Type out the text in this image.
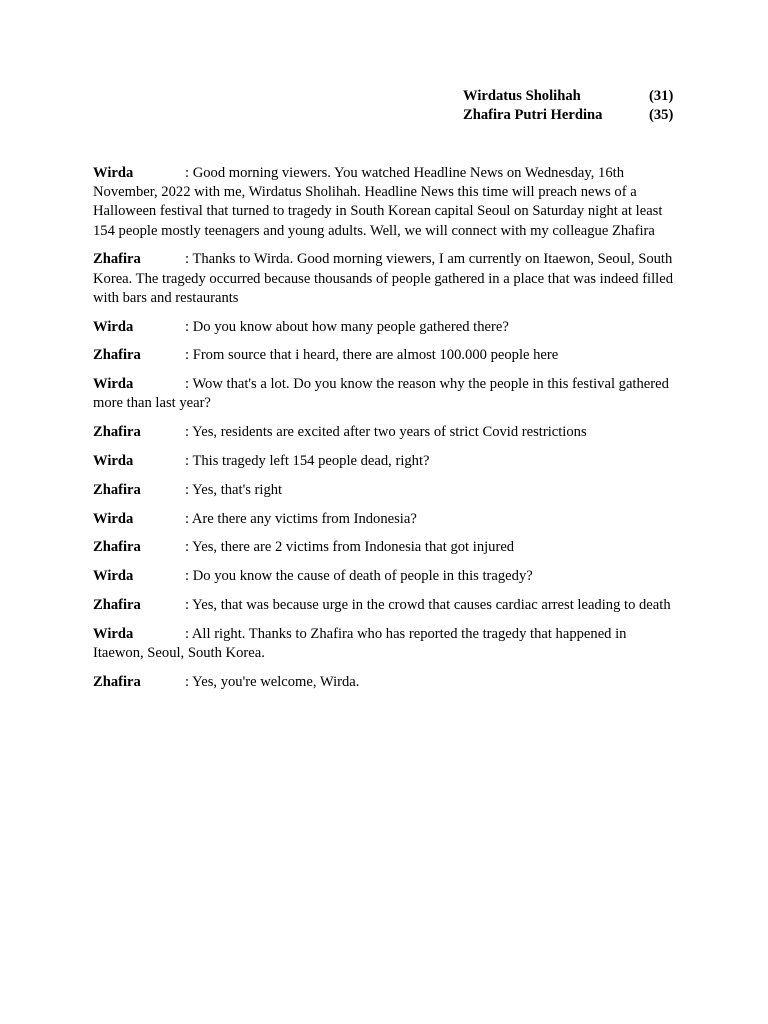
Wirdatus Sholihah	(31)
Zhafira Putri Herdina	(35)

Wirda	: Good morning viewers. You watched Headline News on Wednesday, 16th November, 2022 with me, Wirdatus Sholihah. Headline News this time will preach news of a Halloween festival that turned to tragedy in South Korean capital Seoul on Saturday night at least 154 people mostly teenagers and young adults. Well, we will connect with my colleague Zhafira

Zhafira	: Thanks to Wirda. Good morning viewers, I am currently on Itaewon, Seoul, South Korea. The tragedy occurred because thousands of people gathered in a place that was indeed filled with bars and restaurants

Wirda	: Do you know about how many people gathered there?

Zhafira	: From source that i heard, there are almost 100.000 people here

Wirda	: Wow that's a lot. Do you know the reason why the people in this festival gathered more than last year?

Zhafira	: Yes, residents are excited after two years of strict Covid restrictions

Wirda	: This tragedy left 154 people dead, right?

Zhafira	: Yes, that's right

Wirda	: Are there any victims from Indonesia?

Zhafira	: Yes, there are 2 victims from Indonesia that got injured

Wirda	: Do you know the cause of death of people in this tragedy?

Zhafira	: Yes, that was because urge in the crowd that causes cardiac arrest leading to death

Wirda	: All right. Thanks to Zhafira who has reported the tragedy that happened in Itaewon, Seoul, South Korea.

Zhafira	: Yes, you're welcome, Wirda.
